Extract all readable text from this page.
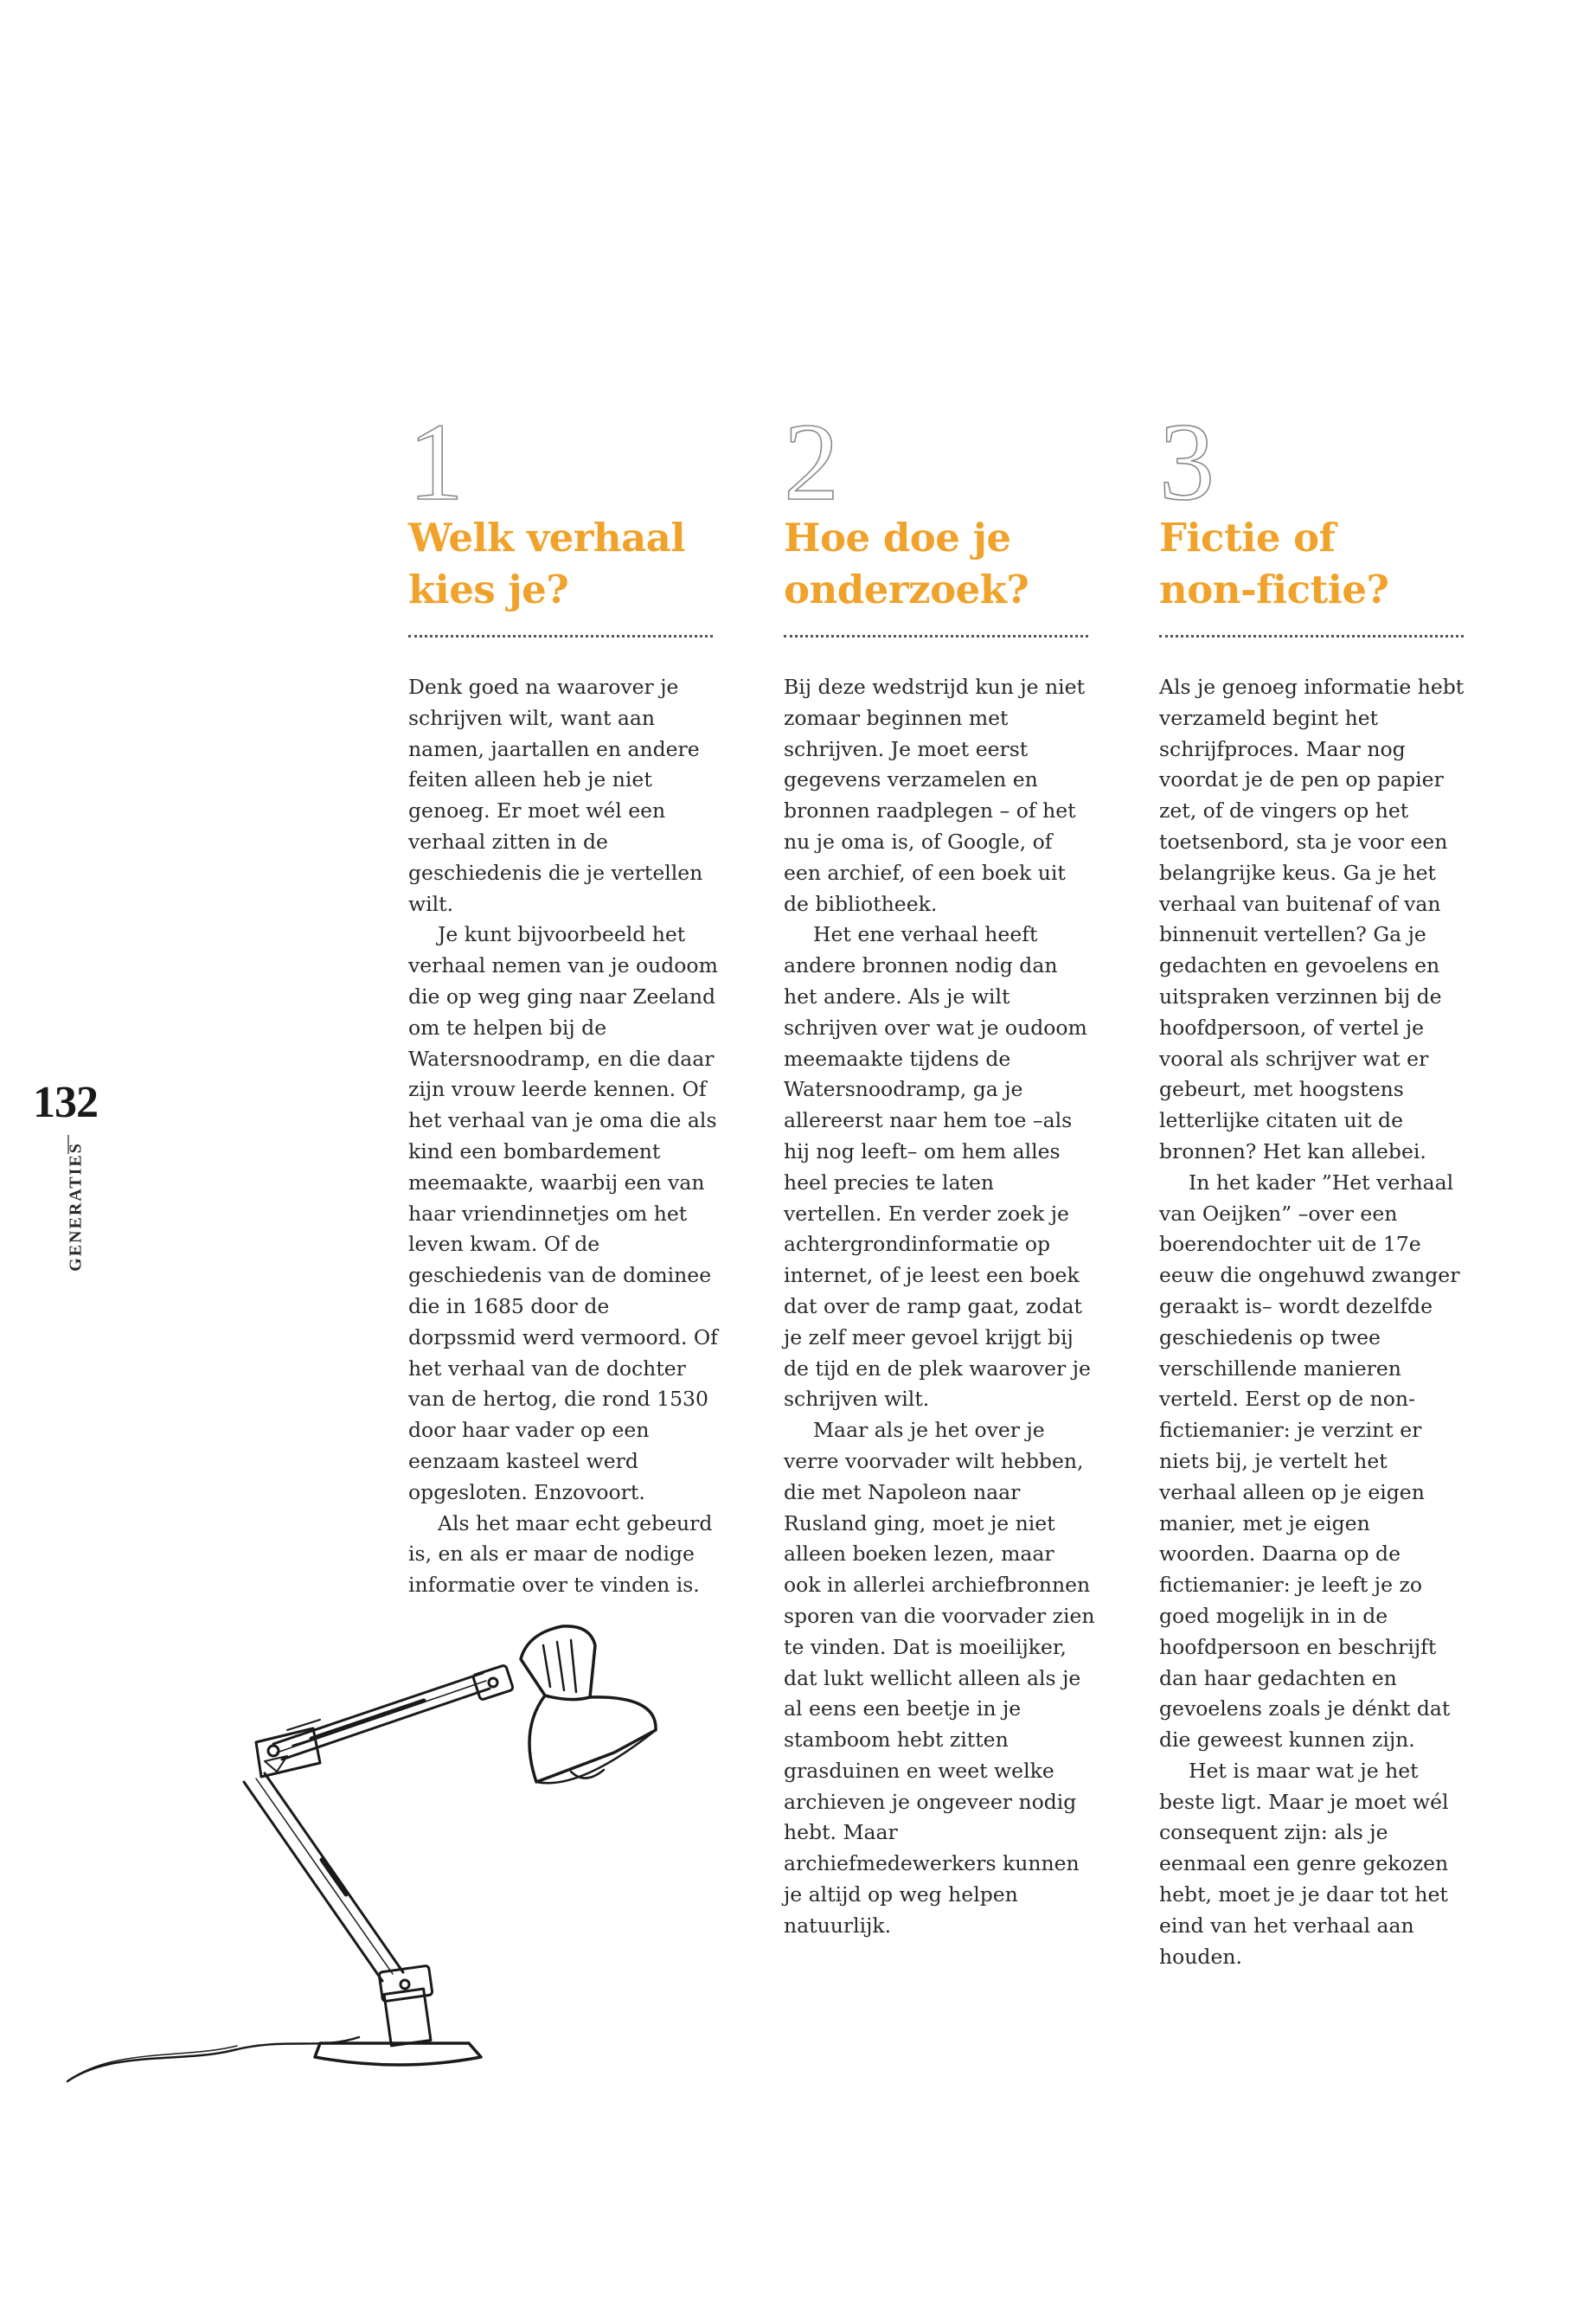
1
Welk verhaal
kies je?

Denk goed na waarover je schrijven wilt, want aan namen, jaartallen en andere feiten alleen heb je niet genoeg. Er moet wél een verhaal zitten in de geschiedenis die je vertellen wilt.

Je kunt bijvoorbeeld het verhaal nemen van je oudoom die op weg ging naar Zeeland om te helpen bij de Watersnoodramp, en die daar zijn vrouw leerde kennen. Of het verhaal van je oma die als kind een bombardement meemaakte, waarbij een van haar vriendinnetjes om het leven kwam. Of de geschiedenis van de dominee die in 1685 door de dorpssmid werd vermoord. Of het verhaal van de dochter van de hertog, die rond 1530 door haar vader op een eenzaam kasteel werd opgesloten. Enzovoort.

Als het maar echt gebeurd is, en als er maar de nodige informatie over te vinden is.

2
Hoe doe je
onderzoek?

Bij deze wedstrijd kun je niet zomaar beginnen met schrijven. Je moet eerst gegevens verzamelen en bronnen raadplegen – of het nu je oma is, of Google, of een archief, of een boek uit de bibliotheek.

Het ene verhaal heeft andere bronnen nodig dan het andere. Als je wilt schrijven over wat je oudoom meemaakte tijdens de Watersnoodramp, ga je allereerst naar hem toe –als hij nog leeft– om hem alles heel precies te laten vertellen. En verder zoek je achtergrondinformatie op internet, of je leest een boek dat over de ramp gaat, zodat je zelf meer gevoel krijgt bij de tijd en de plek waarover je schrijven wilt.

Maar als je het over je verre voorvader wilt hebben, die met Napoleon naar Rusland ging, moet je niet alleen boeken lezen, maar ook in allerlei archiefbronnen sporen van die voorvader zien te vinden. Dat is moeilijker, dat lukt wellicht alleen als je al eens een beetje in je stamboom hebt zitten grasduinen en weet welke archieven je ongeveer nodig hebt. Maar archiefmedewerkers kunnen je altijd op weg helpen natuurlijk.

3
Fictie of
non-fictie?

Als je genoeg informatie hebt verzameld begint het schrijfproces. Maar nog voordat je de pen op papier zet, of de vingers op het toetsenbord, sta je voor een belangrijke keus. Ga je het verhaal van buitenaf of van binnenuit vertellen? Ga je gedachten en gevoelens en uitspraken verzinnen bij de hoofdpersoon, of vertel je vooral als schrijver wat er gebeurt, met hoogstens letterlijke citaten uit de bronnen? Het kan allebei.

In het kader ”Het verhaal van Oeijken” –over een boerendochter uit de 17e eeuw die ongehuwd zwanger geraakt is– wordt dezelfde geschiedenis op twee verschillende manieren verteld. Eerst op de non-fictiemanier: je verzint er niets bij, je vertelt het verhaal alleen op je eigen manier, met je eigen woorden. Daarna op de fictiemanier: je leeft je zo goed mogelijk in in de hoofdpersoon en beschrijft dan haar gedachten en gevoelens zoals je dénkt dat die geweest kunnen zijn.

Het is maar wat je het beste ligt. Maar je moet wél consequent zijn: als je eenmaal een genre gekozen hebt, moet je je daar tot het eind van het verhaal aan houden.

132
GENERATIES
